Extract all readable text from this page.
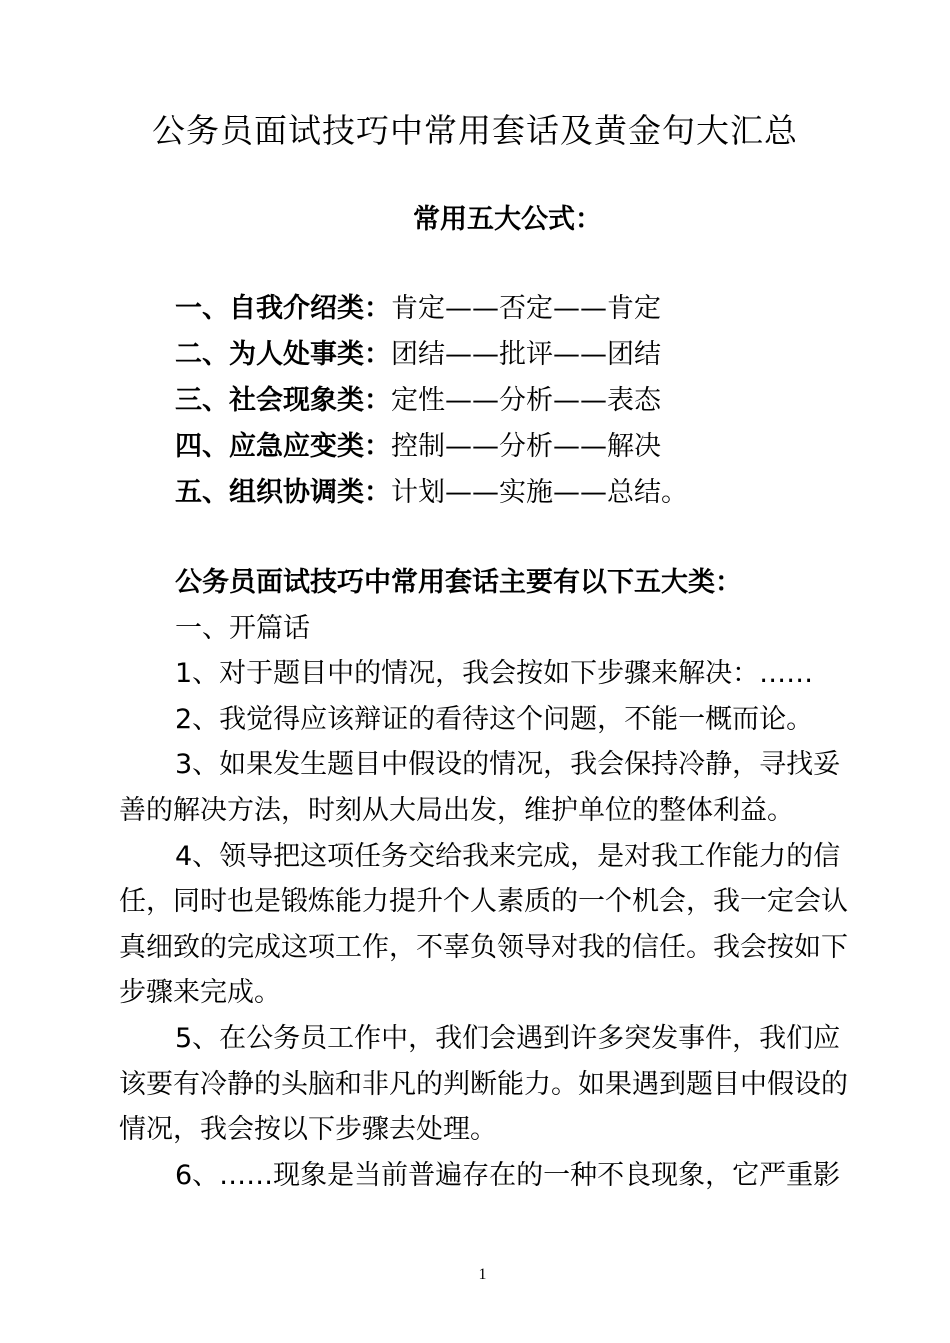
公务员面试技巧中常用套话及黄金句大汇总
常用五大公式：
一、自我介绍类：肯定——否定——肯定
二、为人处事类：团结——批评——团结
三、社会现象类：定性——分析——表态
四、应急应变类：控制——分析——解决
五、组织协调类：计划——实施——总结。
公务员面试技巧中常用套话主要有以下五大类：
一、开篇话
1、对于题目中的情况，我会按如下步骤来解决：……
2、我觉得应该辩证的看待这个问题，不能一概而论。
3、如果发生题目中假设的情况，我会保持冷静，寻找妥
善的解决方法，时刻从大局出发，维护单位的整体利益。
4、领导把这项任务交给我来完成，是对我工作能力的信
任，同时也是锻炼能力提升个人素质的一个机会，我一定会认
真细致的完成这项工作，不辜负领导对我的信任。我会按如下
步骤来完成。
5、在公务员工作中，我们会遇到许多突发事件，我们应
该要有冷静的头脑和非凡的判断能力。如果遇到题目中假设的
情况，我会按以下步骤去处理。
6、……现象是当前普遍存在的一种不良现象，它严重影
1
